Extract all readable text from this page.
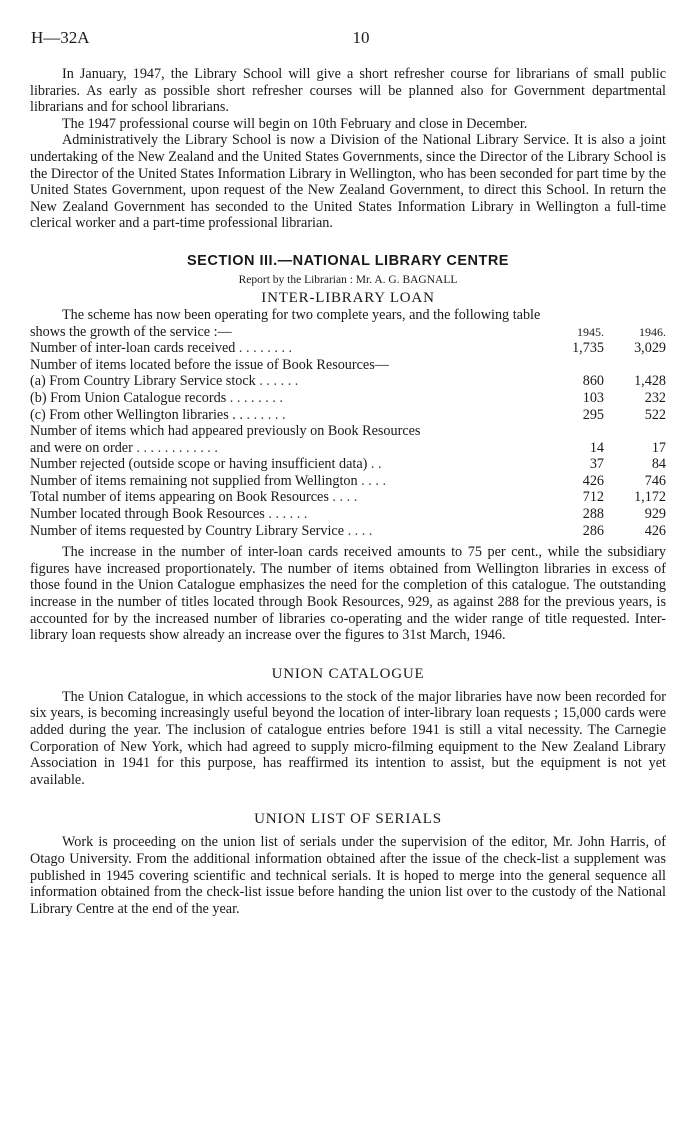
H—32A	10

In January, 1947, the Library School will give a short refresher course for librarians of small public libraries. As early as possible short refresher courses will be planned also for Government departmental librarians and for school librarians.

The 1947 professional course will begin on 10th February and close in December.

Administratively the Library School is now a Division of the National Library Service. It is also a joint undertaking of the New Zealand and the United States Governments, since the Director of the Library School is the Director of the United States Information Library in Wellington, who has been seconded for part time by the United States Government, upon request of the New Zealand Government, to direct this School. In return the New Zealand Government has seconded to the United States Information Library in Wellington a full-time clerical worker and a part-time professional librarian.

SECTION III.—NATIONAL LIBRARY CENTRE

Report by the Librarian : Mr. A. G. BAGNALL

INTER-LIBRARY LOAN

The scheme has now been operating for two complete years, and the following table

shows the growth of the service :—	1945.	1946.
Number of inter-loan cards received . . . . . . . .	1,735	3,029
Number of items located before the issue of Book Resources—		
(a) From Country Library Service stock . . . . . .	860	1,428
(b) From Union Catalogue records . . . . . . . .	103	232
(c) From other Wellington libraries . . . . . . . .	295	522
Number of items which had appeared previously on Book Resources		
and were on order . . . . . . . . . . . .	14	17
Number rejected (outside scope or having insufficient data) . .	37	84
Number of items remaining not supplied from Wellington . . . .	426	746
Total number of items appearing on Book Resources . . . .	712	1,172
Number located through Book Resources . . . . . .	288	929
Number of items requested by Country Library Service . . . .	286	426

The increase in the number of inter-loan cards received amounts to 75 per cent., while the subsidiary figures have increased proportionately. The number of items obtained from Wellington libraries in excess of those found in the Union Catalogue emphasizes the need for the completion of this catalogue. The outstanding increase in the number of titles located through Book Resources, 929, as against 288 for the previous years, is accounted for by the increased number of libraries co-operating and the wider range of title requested. Inter-library loan requests show already an increase over the figures to 31st March, 1946.

UNION CATALOGUE

The Union Catalogue, in which accessions to the stock of the major libraries have now been recorded for six years, is becoming increasingly useful beyond the location of inter-library loan requests ; 15,000 cards were added during the year. The inclusion of catalogue entries before 1941 is still a vital necessity. The Carnegie Corporation of New York, which had agreed to supply micro-filming equipment to the New Zealand Library Association in 1941 for this purpose, has reaffirmed its intention to assist, but the equipment is not yet available.

UNION LIST OF SERIALS

Work is proceeding on the union list of serials under the supervision of the editor, Mr. John Harris, of Otago University. From the additional information obtained after the issue of the check-list a supplement was published in 1945 covering scientific and technical serials. It is hoped to merge into the general sequence all information obtained from the check-list issue before handing the union list over to the custody of the National Library Centre at the end of the year.
